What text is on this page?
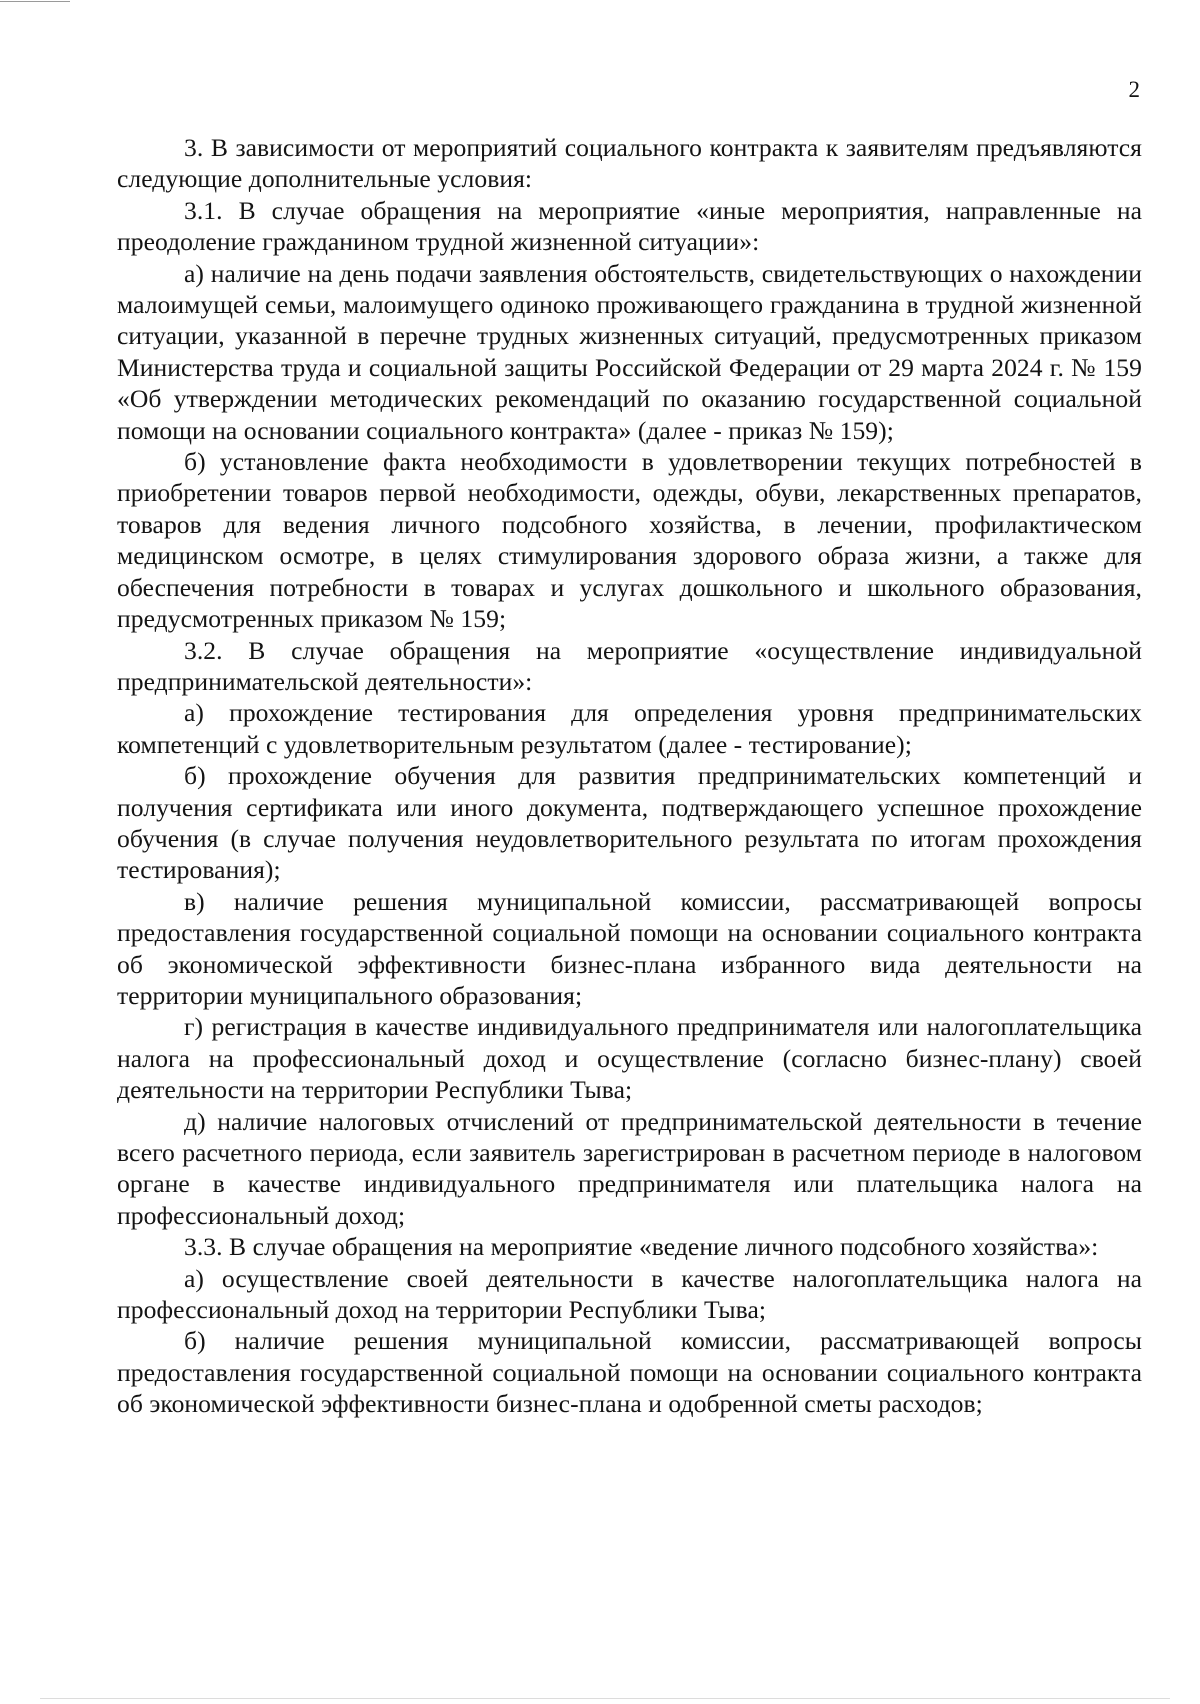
2

3. В зависимости от мероприятий социального контракта к заявителям предъявляются следующие дополнительные условия:

3.1. В случае обращения на мероприятие «иные мероприятия, направленные на преодоление гражданином трудной жизненной ситуации»:

а) наличие на день подачи заявления обстоятельств, свидетельствующих о нахождении малоимущей семьи, малоимущего одиноко проживающего гражданина в трудной жизненной ситуации, указанной в перечне трудных жизненных ситуаций, предусмотренных приказом Министерства труда и социальной защиты Российской Федерации от 29 марта 2024 г. № 159 «Об утверждении методических рекомендаций по оказанию государственной социальной помощи на основании социального контракта» (далее - приказ № 159);

б) установление факта необходимости в удовлетворении текущих потребностей в приобретении товаров первой необходимости, одежды, обуви, лекарственных препаратов, товаров для ведения личного подсобного хозяйства, в лечении, профилактическом медицинском осмотре, в целях стимулирования здорового образа жизни, а также для обеспечения потребности в товарах и услугах дошкольного и школьного образования, предусмотренных приказом № 159;

3.2. В случае обращения на мероприятие «осуществление индивидуальной предпринимательской деятельности»:

а) прохождение тестирования для определения уровня предпринимательских компетенций с удовлетворительным результатом (далее - тестирование);

б) прохождение обучения для развития предпринимательских компетенций и получения сертификата или иного документа, подтверждающего успешное прохождение обучения (в случае получения неудовлетворительного результата по итогам прохождения тестирования);

в) наличие решения муниципальной комиссии, рассматривающей вопросы предоставления государственной социальной помощи на основании социального контракта об экономической эффективности бизнес-плана избранного вида деятельности на территории муниципального образования;

г) регистрация в качестве индивидуального предпринимателя или налогоплательщика налога на профессиональный доход и осуществление (согласно бизнес-плану) своей деятельности на территории Республики Тыва;

д) наличие налоговых отчислений от предпринимательской деятельности в течение всего расчетного периода, если заявитель зарегистрирован в расчетном периоде в налоговом органе в качестве индивидуального предпринимателя или плательщика налога на профессиональный доход;

3.3. В случае обращения на мероприятие «ведение личного подсобного хозяйства»:

а) осуществление своей деятельности в качестве налогоплательщика налога на профессиональный доход на территории Республики Тыва;

б) наличие решения муниципальной комиссии, рассматривающей вопросы предоставления государственной социальной помощи на основании социального контракта об экономической эффективности бизнес-плана и одобренной сметы расходов;
